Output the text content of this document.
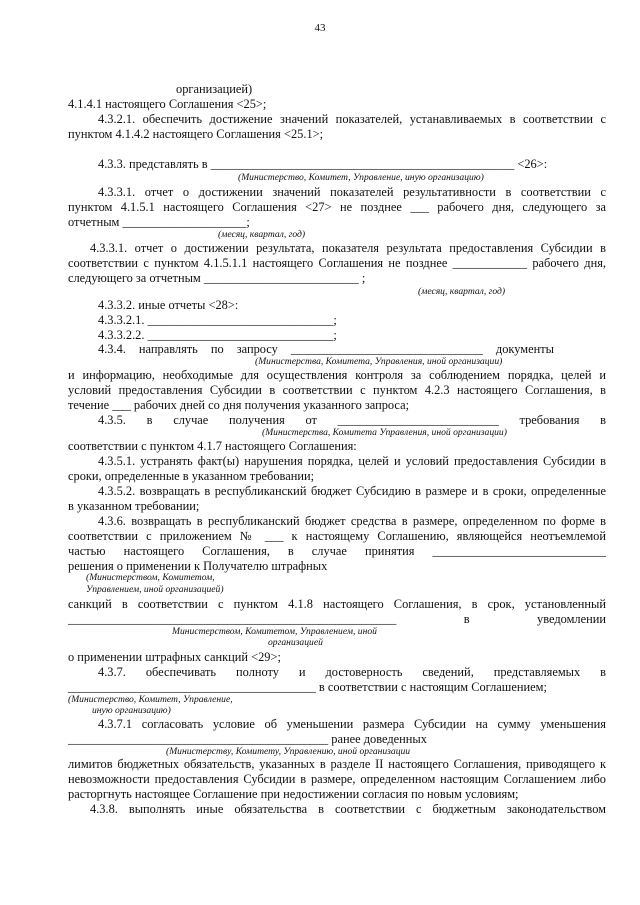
43
организацией)
4.1.4.1 настоящего Соглашения <25>;
4.3.2.1. обеспечить достижение значений показателей, устанавливаемых в соответствии с
пунктом 4.1.4.2 настоящего Соглашения <25.1>;
4.3.3. представлять в _________________________________________________ <26>:
4.3.3.1. отчет о достижении значений показателей результативности в соответствии с
пунктом 4.1.5.1 настоящего Соглашения <27> не позднее ___ рабочего дня, следующего за
отчетным ____________________;
4.3.3.1. отчет о достижении результата, показателя результата предоставления Субсидии в
соответствии с пунктом 4.1.5.1.1 настоящего Соглашения не позднее ____________ рабочего дня,
следующего за отчетным _________________________ ;
4.3.3.2. иные отчеты <28>:
4.3.3.2.1. ______________________________;
4.3.3.2.2. ______________________________;
4.3.4. направлять по запросу _______________________________ документы
и информацию, необходимые для осуществления контроля за соблюдением порядка, целей и
условий предоставления Субсидии в соответствии с пунктом 4.2.3 настоящего Соглашения, в
течение ___ рабочих дней со дня получения указанного запроса;
4.3.5. в случае получения от __________________________ требования в
соответствии с пунктом 4.1.7 настоящего Соглашения:
4.3.5.1. устранять факт(ы) нарушения порядка, целей и условий предоставления Субсидии в
сроки, определенные в указанном требовании;
4.3.5.2. возвращать в республиканский бюджет Субсидию в размере и в сроки, определенные
в указанном требовании;
4.3.6. возвращать в республиканский бюджет средства в размере, определенном по форме в
соответствии с приложением № ___ к настоящему Соглашению, являющейся неотъемлемой
частью настоящего Соглашения, в случае принятия ____________________________
решения о применении к Получателю штрафных
санкций в соответствии с пунктом 4.1.8 настоящего Соглашения, в срок, установленный
_____________________________________________________ в уведомлении
о применении штрафных санкций <29>;
4.3.7. обеспечивать полноту и достоверность сведений, представляемых в
________________________________________ в соответствии с настоящим Соглашением;
4.3.7.1 согласовать условие об уменьшении размера Субсидии на сумму уменьшения
__________________________________________ ранее доведенных
лимитов бюджетных обязательств, указанных в разделе II настоящего Соглашения, приводящего к
невозможности предоставления Субсидии в размере, определенном настоящим Соглашением либо
расторгнуть настоящее Соглашение при недостижении согласия по новым условиям;
4.3.8. выполнять иные обязательства в соответствии с бюджетным законодательством
(Министерство, Комитет, Управление, иную организацию)
(месяц, квартал, год)
(месяц, квартал, год)
(Министерства, Комитета, Управления, иной организации)
(Министерства, Комитета Управления, иной организации)
(Министерством, Комитетом,
Управлением, иной организацией)
Министерством, Комитетом, Управлением, иной
организацией
(Министерство, Комитет, Управление,
иную организацию)
(Министерству, Комитету, Управлению, иной организации
